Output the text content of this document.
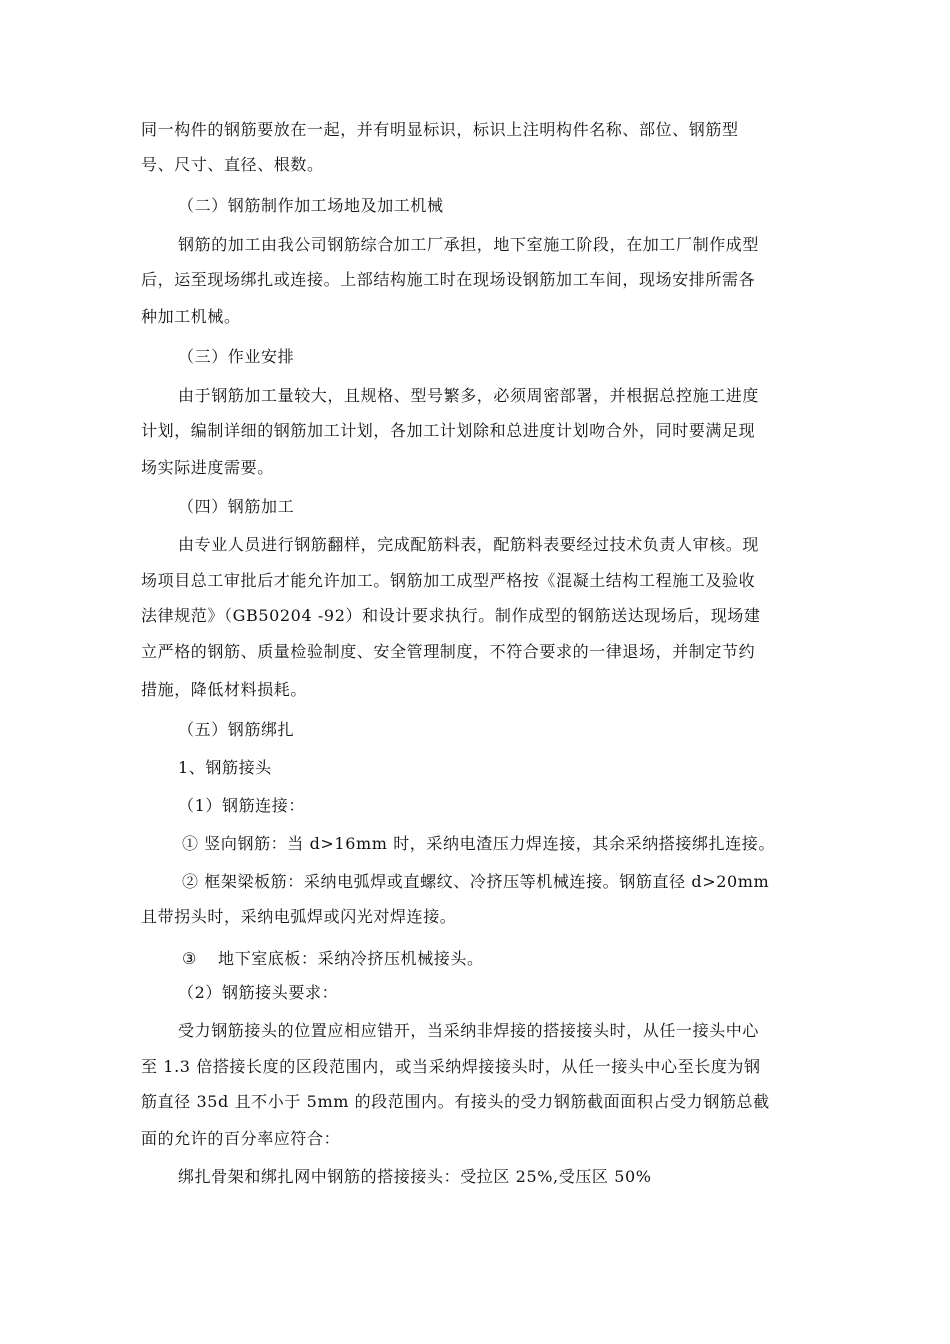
同一构件的钢筋要放在一起，并有明显标识，标识上注明构件名称、部位、钢筋型
号、尺寸、直径、根数。
（二）钢筋制作加工场地及加工机械
钢筋的加工由我公司钢筋综合加工厂承担，地下室施工阶段，在加工厂制作成型
后，运至现场绑扎或连接。上部结构施工时在现场设钢筋加工车间，现场安排所需各
种加工机械。
（三）作业安排
由于钢筋加工量较大，且规格、型号繁多，必须周密部署，并根据总控施工进度
计划，编制详细的钢筋加工计划，各加工计划除和总进度计划吻合外，同时要满足现
场实际进度需要。
（四）钢筋加工
由专业人员进行钢筋翻样，完成配筋料表，配筋料表要经过技术负责人审核。现
场项目总工审批后才能允许加工。钢筋加工成型严格按《混凝土结构工程施工及验收
法律规范》（GB50204 -92）和设计要求执行。制作成型的钢筋送达现场后，现场建
立严格的钢筋、质量检验制度、安全管理制度，不符合要求的一律退场，并制定节约
措施，降低材料损耗。
（五）钢筋绑扎
1、钢筋接头
（1）钢筋连接：
① 竖向钢筋：当 d>16mm 时，采纳电渣压力焊连接，其余采纳搭接绑扎连接。
② 框架梁板筋：采纳电弧焊或直螺纹、冷挤压等机械连接。钢筋直径 d>20mm
且带拐头时，采纳电弧焊或闪光对焊连接。
③ 地下室底板：采纳冷挤压机械接头。
（2）钢筋接头要求：
受力钢筋接头的位置应相应错开，当采纳非焊接的搭接接头时，从任一接头中心
至 1.3 倍搭接长度的区段范围内，或当采纳焊接接头时，从任一接头中心至长度为钢
筋直径 35d 且不小于 5mm 的段范围内。有接头的受力钢筋截面面积占受力钢筋总截
面的允许的百分率应符合：
绑扎骨架和绑扎网中钢筋的搭接接头：受拉区 25%,受压区 50%
